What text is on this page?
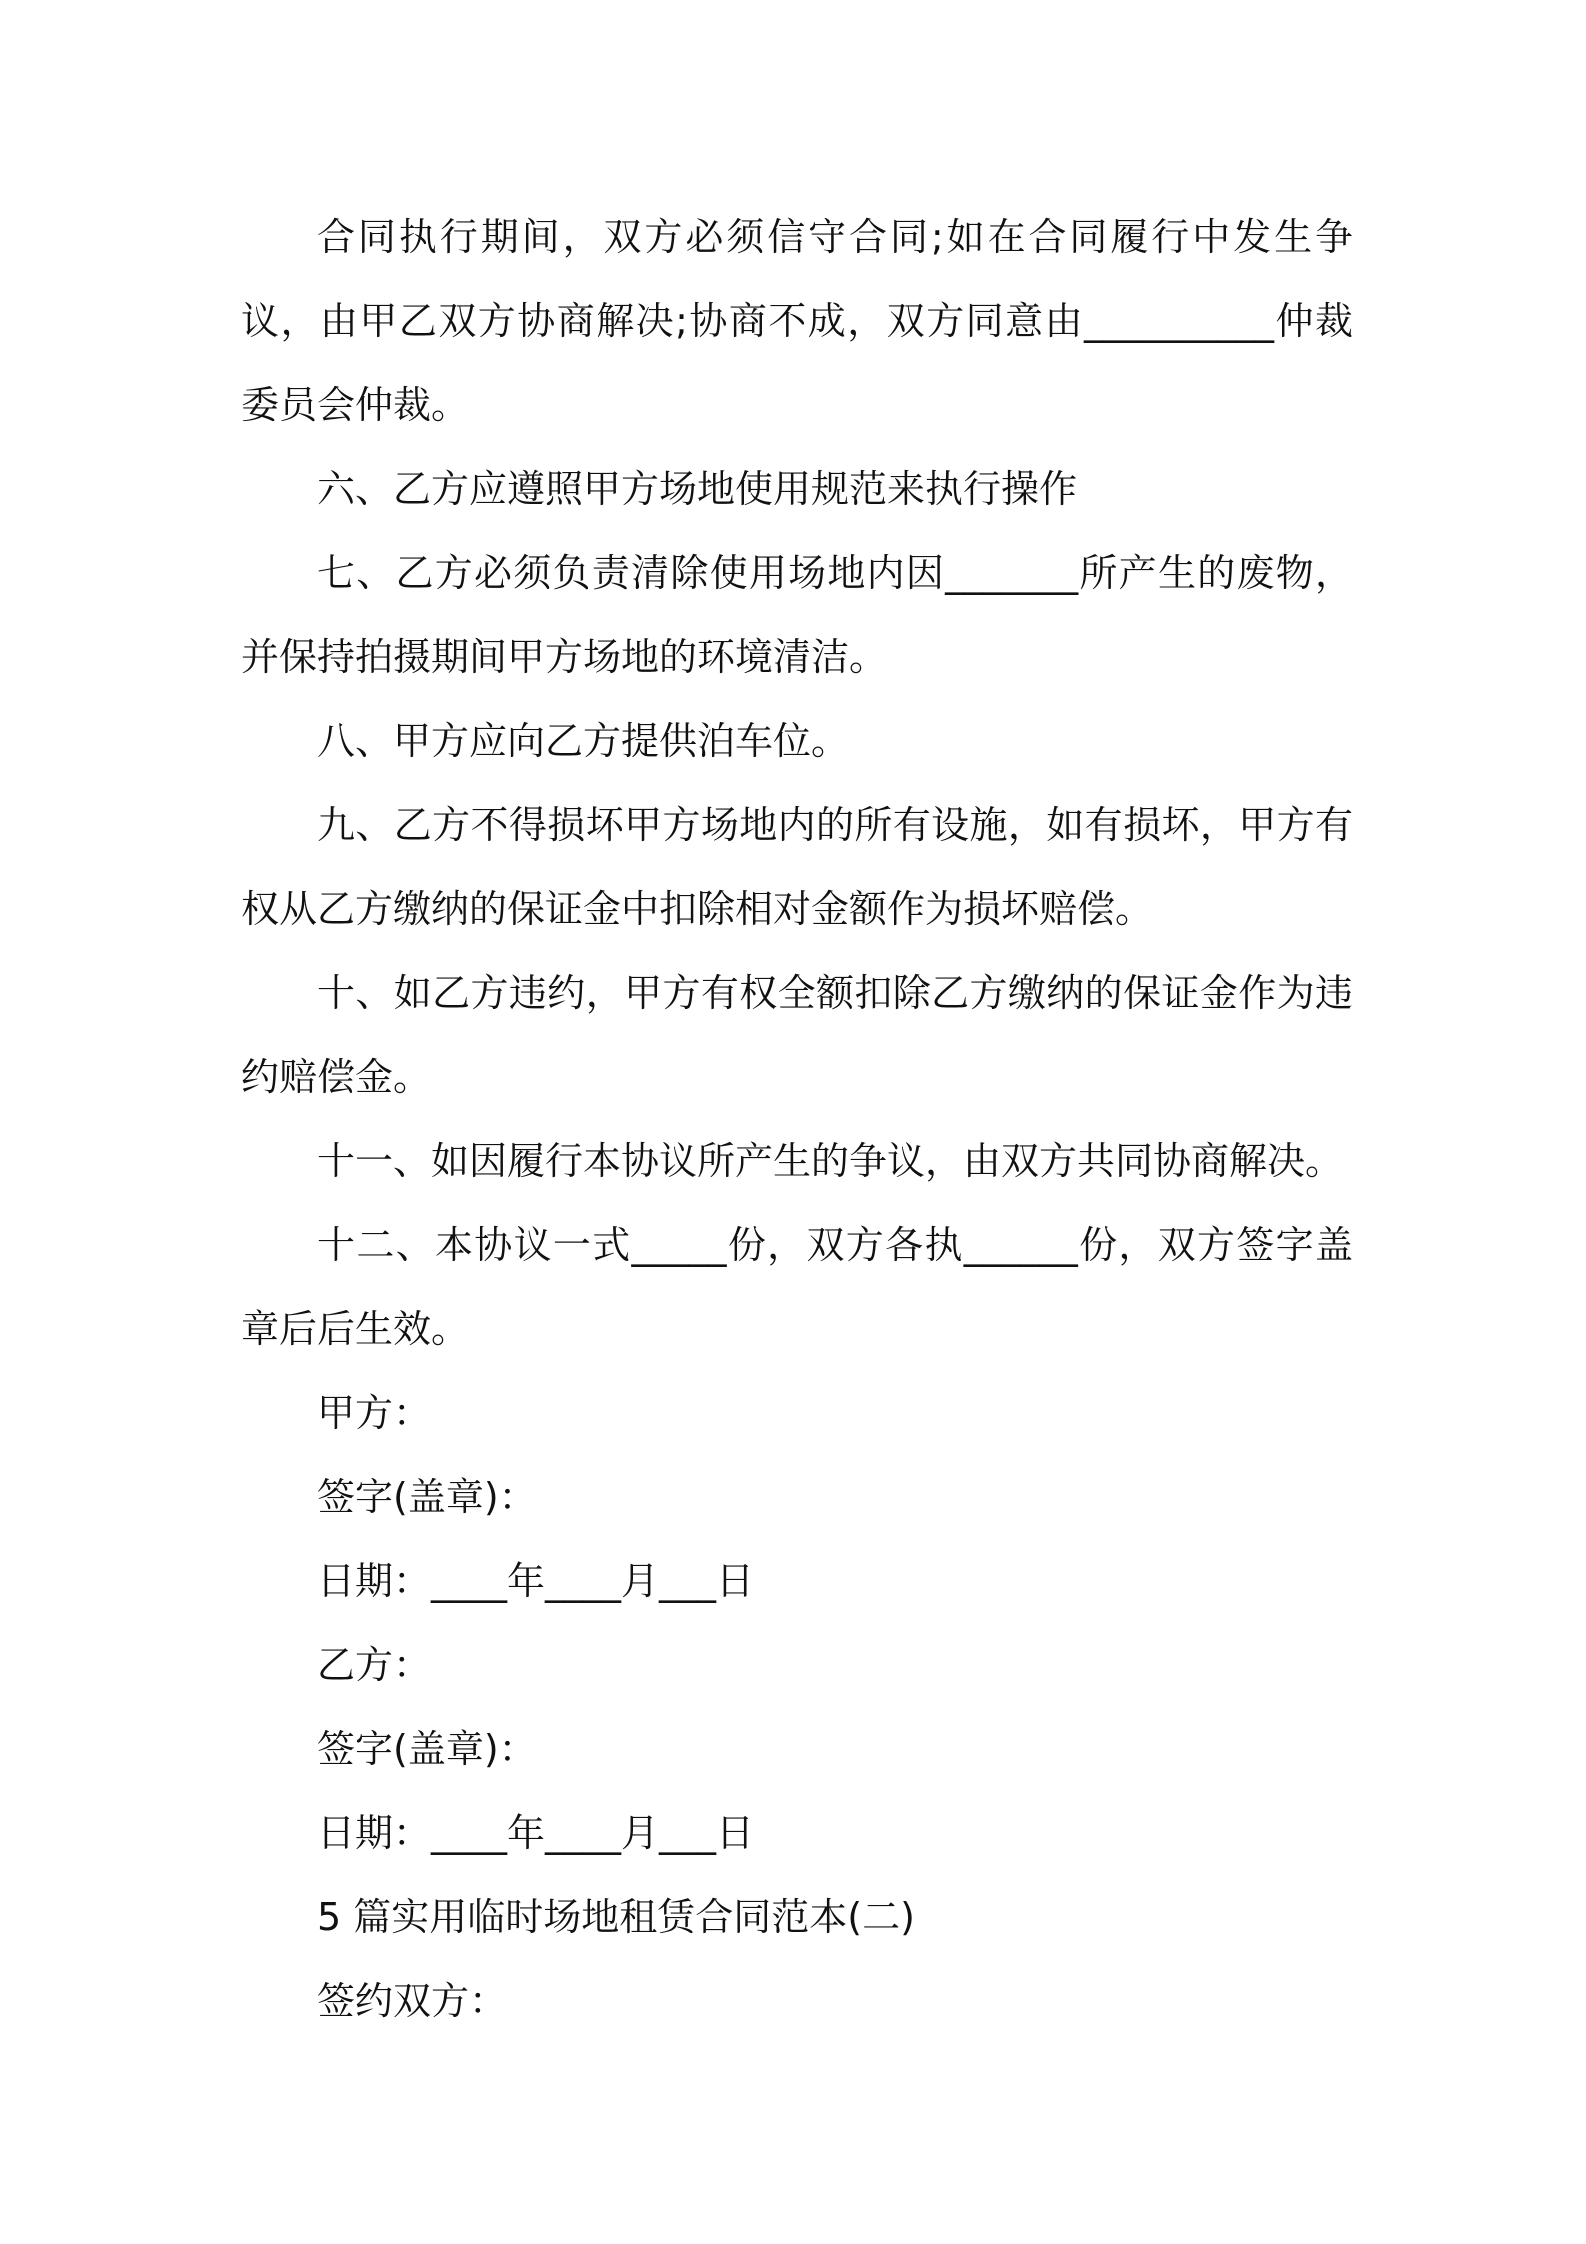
合同执行期间，双方必须信守合同;如在合同履行中发生争议，由甲乙双方协商解决;协商不成，双方同意由__________仲裁委员会仲裁。

六、乙方应遵照甲方场地使用规范来执行操作

七、乙方必须负责清除使用场地内因_______所产生的废物，并保持拍摄期间甲方场地的环境清洁。

八、甲方应向乙方提供泊车位。

九、乙方不得损坏甲方场地内的所有设施，如有损坏，甲方有权从乙方缴纳的保证金中扣除相对金额作为损坏赔偿。

十、如乙方违约，甲方有权全额扣除乙方缴纳的保证金作为违约赔偿金。

十一、如因履行本协议所产生的争议，由双方共同协商解决。

十二、本协议一式_____份，双方各执______份，双方签字盖章后后生效。

甲方：

签字(盖章)：

日期：____年____月___日

乙方：

签字(盖章)：

日期：____年____月___日

5 篇实用临时场地租赁合同范本(二)

签约双方：
